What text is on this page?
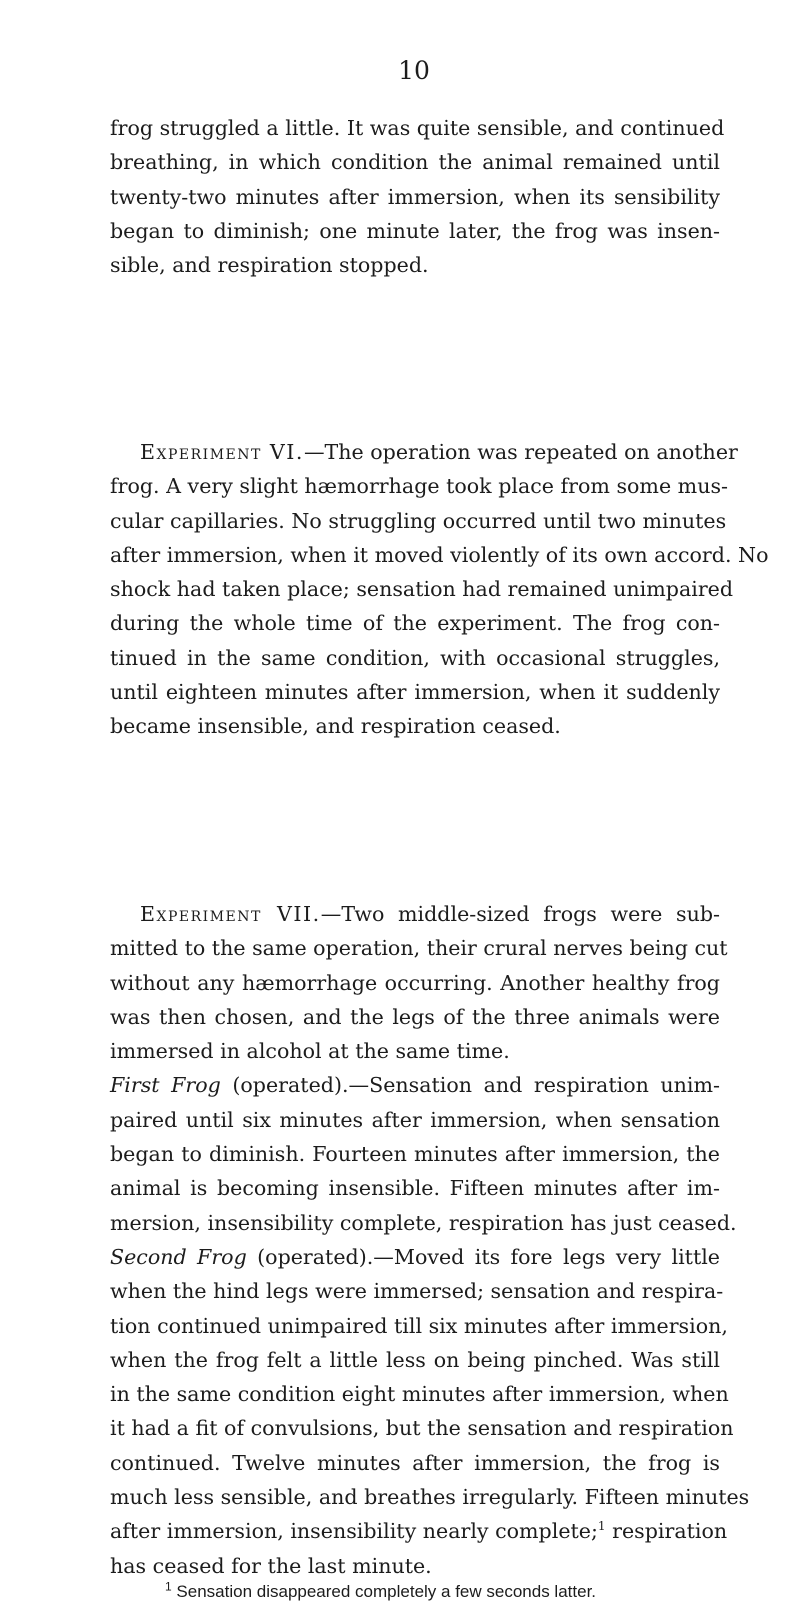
10
frog struggled a little. It was quite sensible, and continued
breathing, in which condition the animal remained until
twenty-two minutes after immersion, when its sensibility
began to diminish; one minute later, the frog was insen-
sible, and respiration stopped.
Experiment VI.—The operation was repeated on another
frog. A very slight hæmorrhage took place from some mus-
cular capillaries. No struggling occurred until two minutes
after immersion, when it moved violently of its own accord. No
shock had taken place; sensation had remained unimpaired
during the whole time of the experiment. The frog con-
tinued in the same condition, with occasional struggles,
until eighteen minutes after immersion, when it suddenly
became insensible, and respiration ceased.
Experiment VII.—Two middle-sized frogs were sub-
mitted to the same operation, their crural nerves being cut
without any hæmorrhage occurring. Another healthy frog
was then chosen, and the legs of the three animals were
immersed in alcohol at the same time.
First Frog (operated).—Sensation and respiration unim-
paired until six minutes after immersion, when sensation
began to diminish. Fourteen minutes after immersion, the
animal is becoming insensible. Fifteen minutes after im-
mersion, insensibility complete, respiration has just ceased.
Second Frog (operated).—Moved its fore legs very little
when the hind legs were immersed; sensation and respira-
tion continued unimpaired till six minutes after immersion,
when the frog felt a little less on being pinched. Was still
in the same condition eight minutes after immersion, when
it had a fit of convulsions, but the sensation and respiration
continued. Twelve minutes after immersion, the frog is
much less sensible, and breathes irregularly. Fifteen minutes
after immersion, insensibility nearly complete;$^1$ respiration
has ceased for the last minute.
$^1$ Sensation disappeared completely a few seconds latter.
